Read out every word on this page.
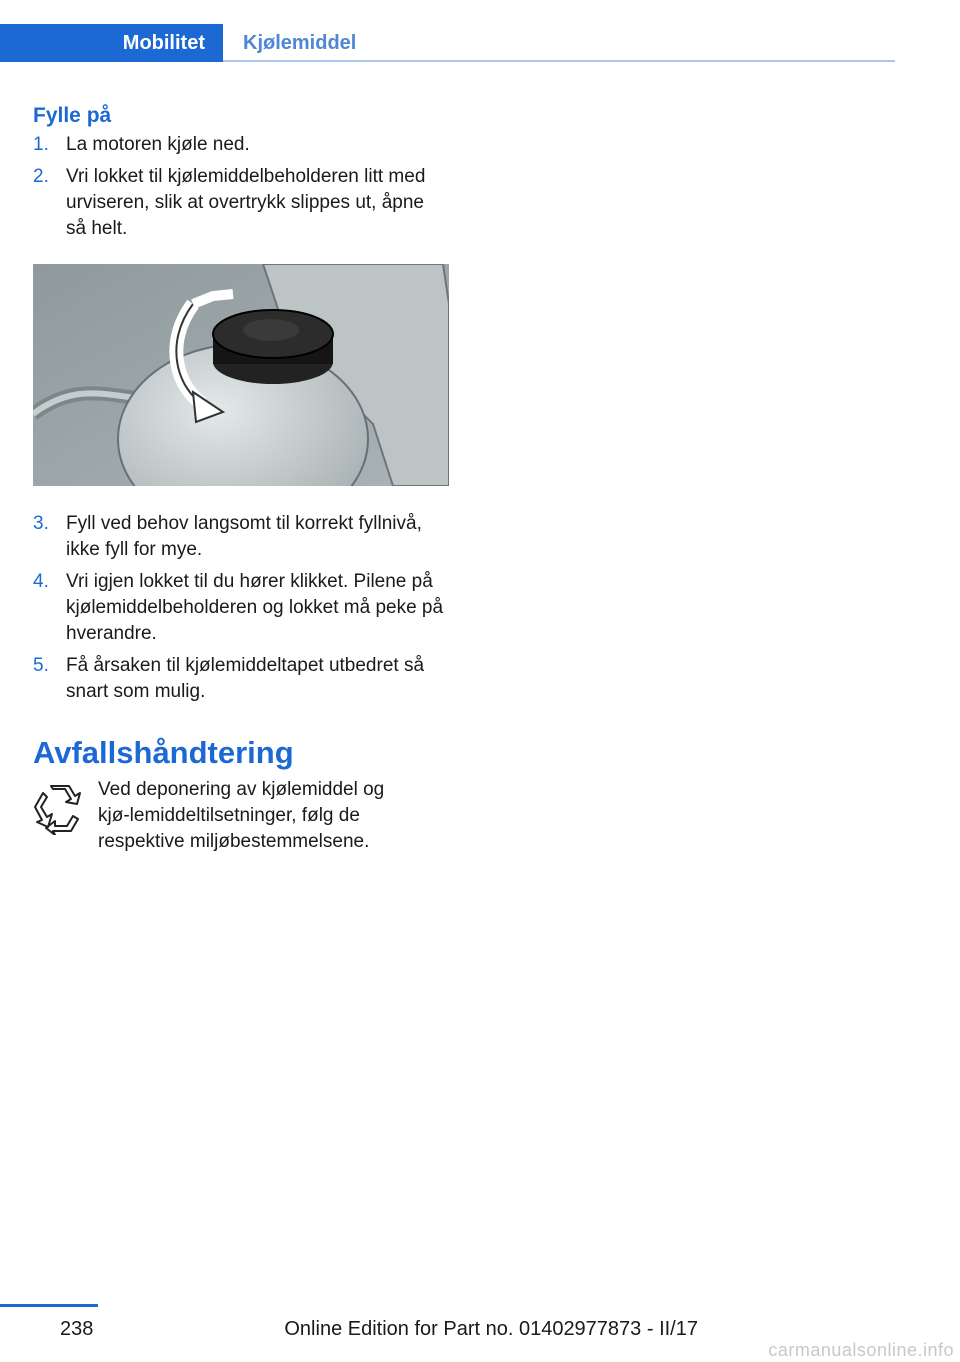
Mobilitet	Kjølemiddel
Fylle på
1. La motoren kjøle ned.
2. Vri lokket til kjølemiddelbeholderen litt med urviseren, slik at overtrykk slippes ut, åpne så helt.
3. Fyll ved behov langsomt til korrekt fyllnivå, ikke fyll for mye.
4. Vri igjen lokket til du hører klikket. Pilene på kjølemiddelbeholderen og lokket må peke på hverandre.
5. Få årsaken til kjølemiddeltapet utbedret så snart som mulig.
Avfallshåndtering

Ved deponering av kjølemiddel og kjø‑lemiddeltilsetninger, følg de respektive miljøbestemmelsene.

238	Online Edition for Part no. 01402977873 - II/17
carmanualsonline.info
